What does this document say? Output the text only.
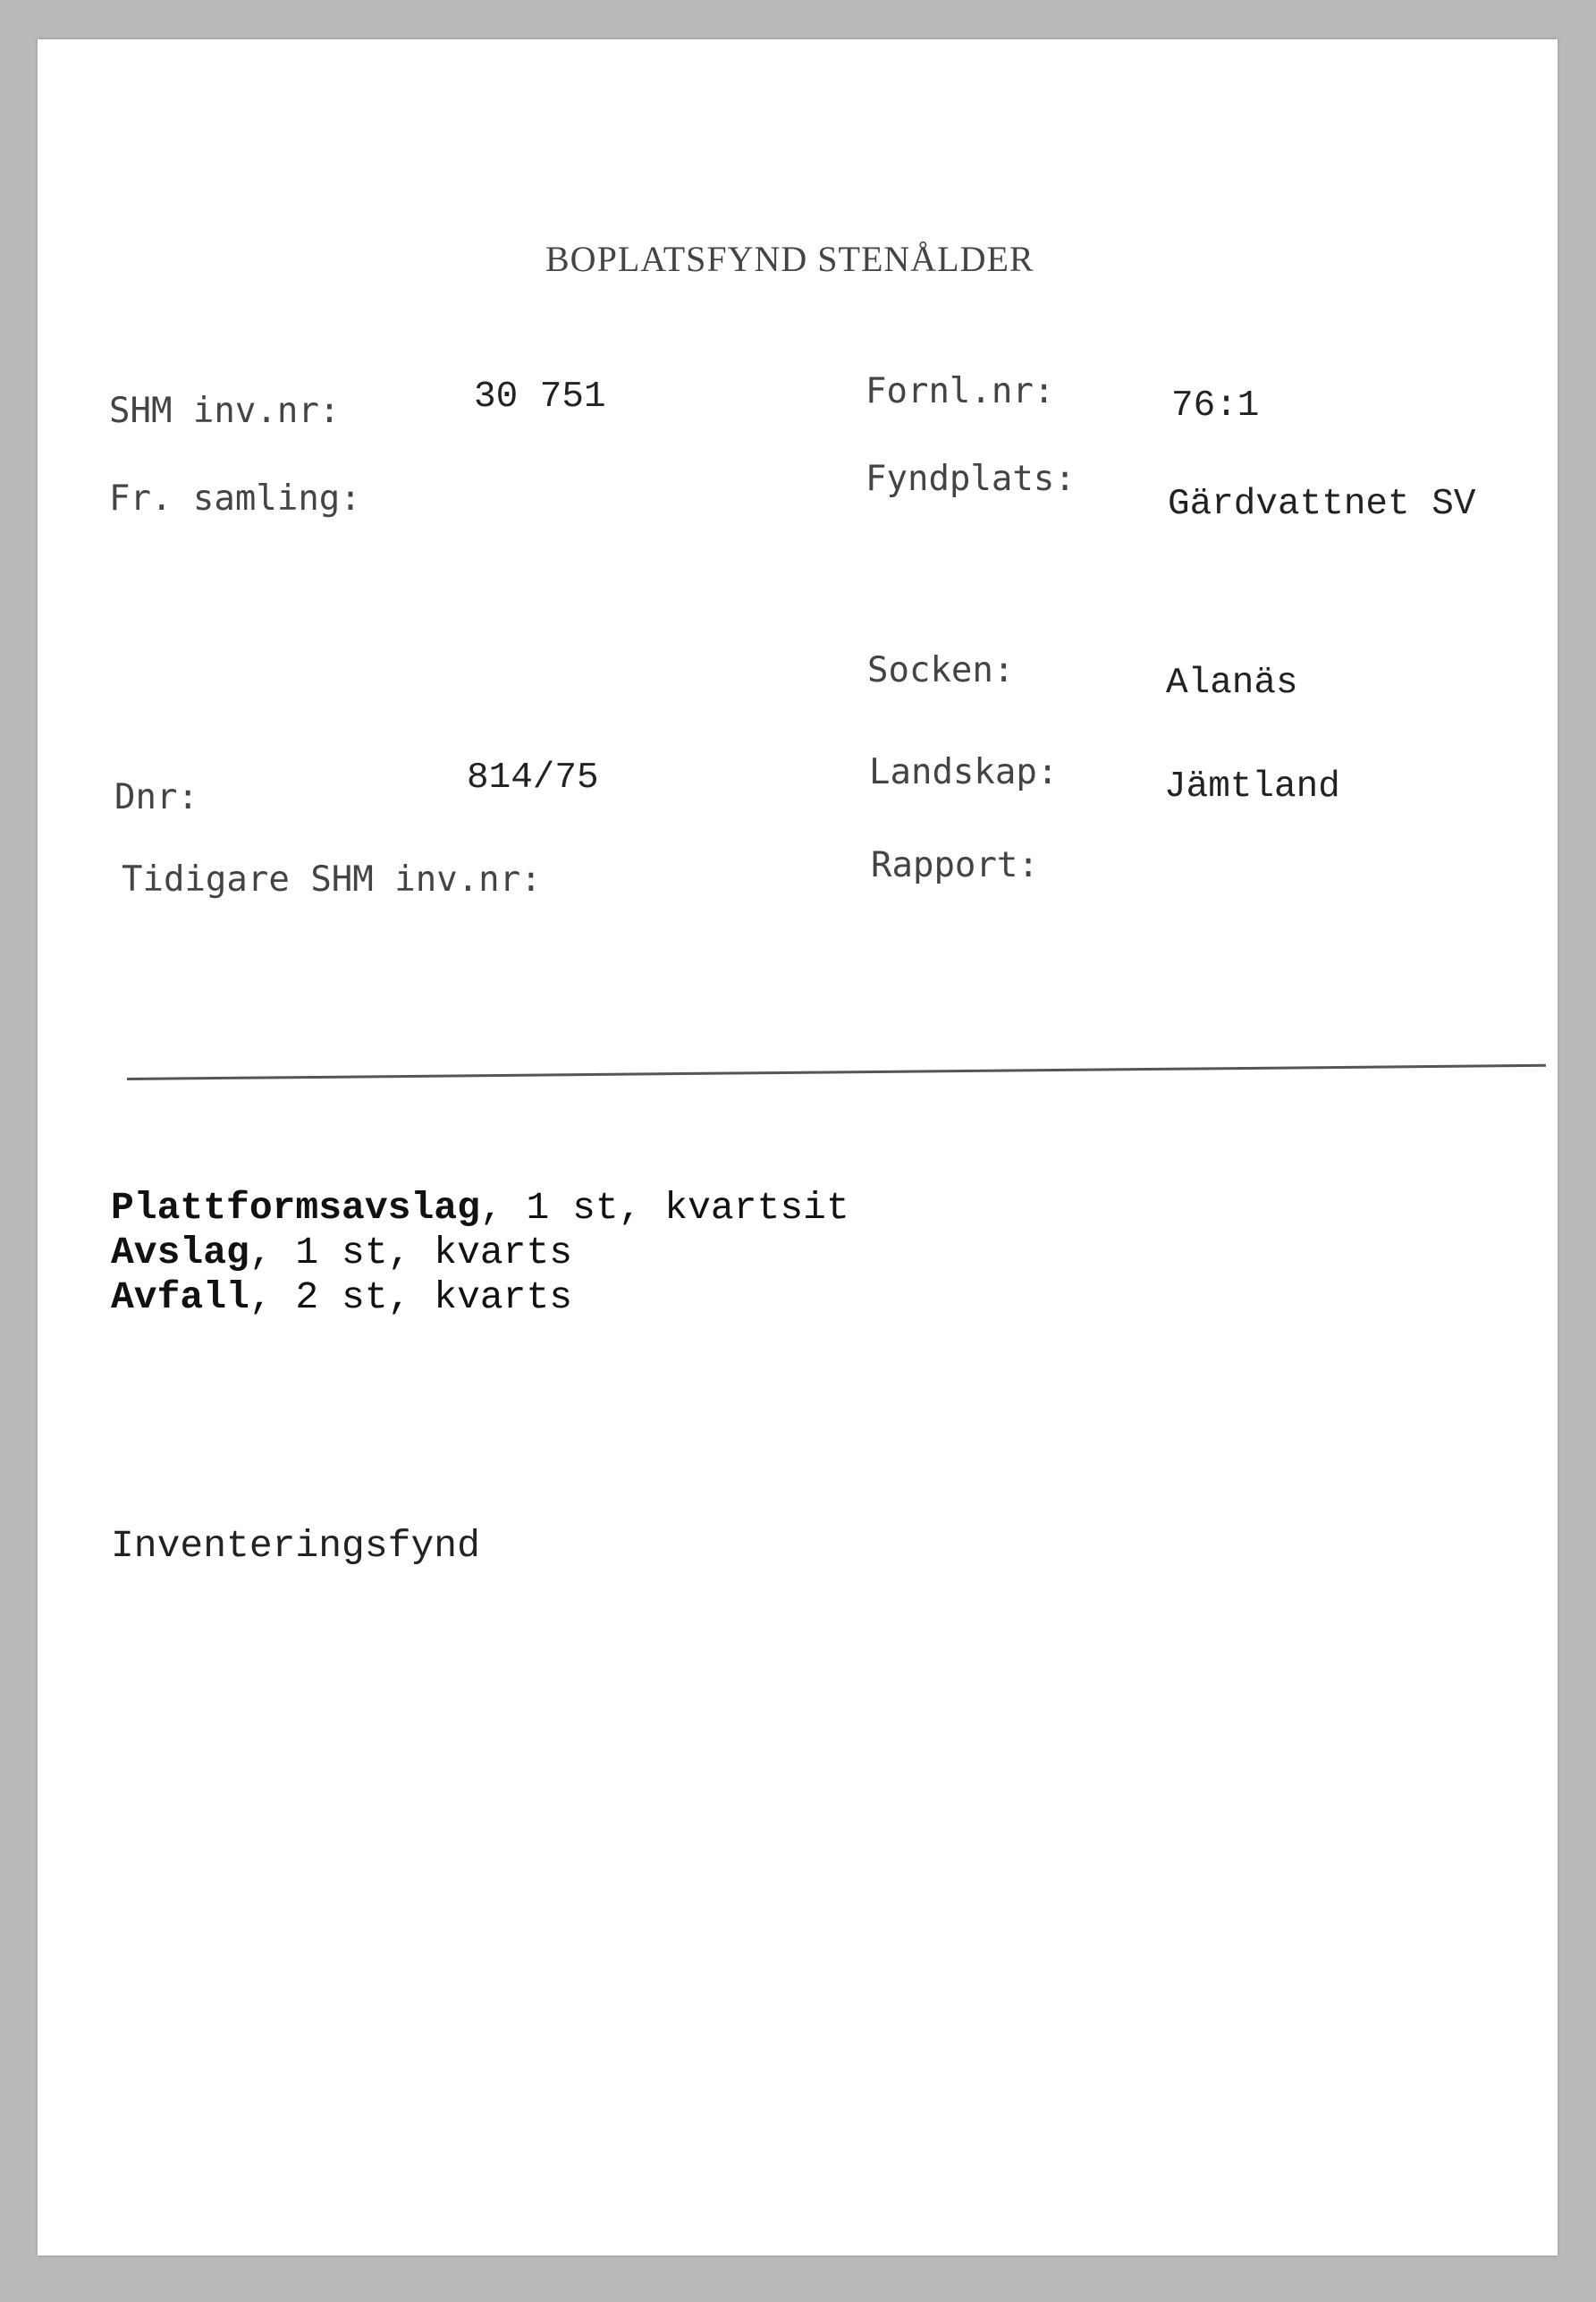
BOPLATSFYND STENÅLDER
SHM inv.nr:	30 751
Fr. samling:
Dnr:	814/75
Tidigare SHM inv.nr:
Fornl.nr:	76:1
Fyndplats:
Gärdvattnet SV
Socken:	Alanäs
Landskap:	Jämtland
Rapport:
Plattformsavslag, 1 st, kvartsit
Avslag, 1 st, kvarts
Avfall, 2 st, kvarts
Inventeringsfynd
